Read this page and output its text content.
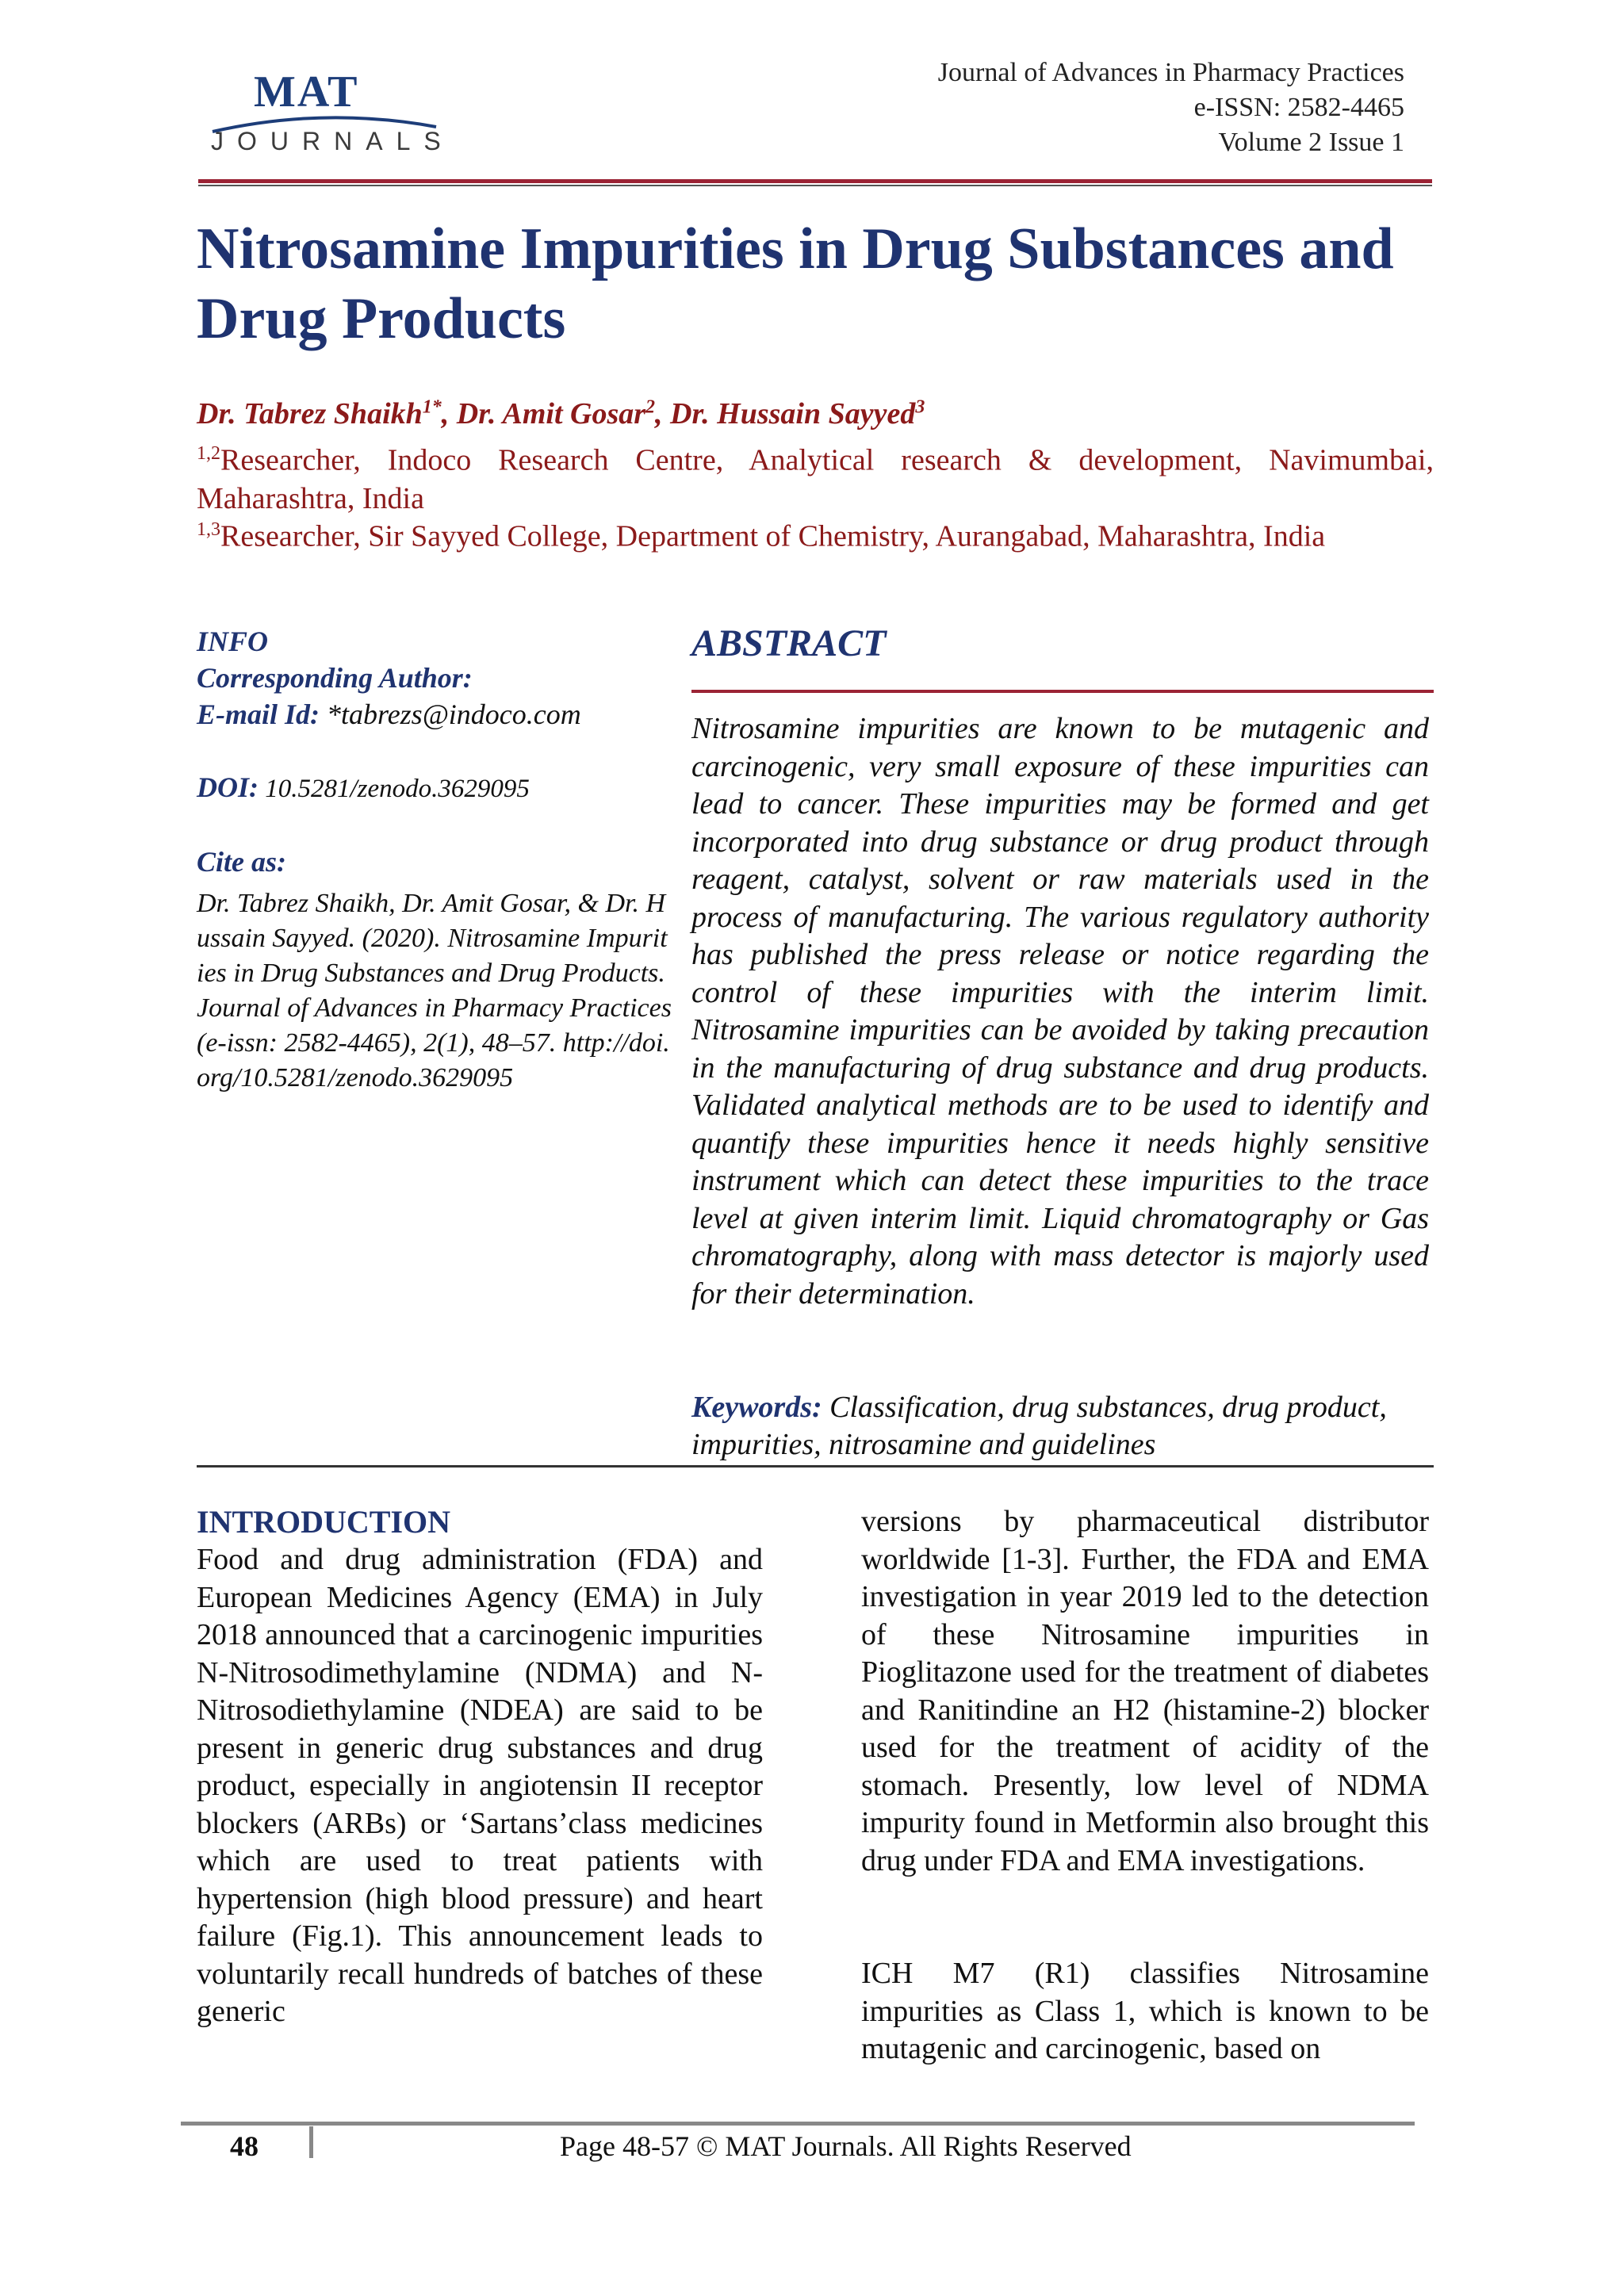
MAT
JOURNALS
Journal of Advances in Pharmacy Practices
e-ISSN: 2582-4465
Volume 2 Issue 1
Nitrosamine Impurities in Drug Substances and Drug Products
Dr. Tabrez Shaikh$^{1*}$, Dr. Amit Gosar$^2$, Dr. Hussain Sayyed$^3$
$^{1,2}$Researcher, Indoco Research Centre, Analytical research & development, Navimumbai, Maharashtra, India
$^{1,3}$Researcher, Sir Sayyed College, Department of Chemistry, Aurangabad, Maharashtra, India
INFO
Corresponding Author:
E-mail Id: *tabrezs@indoco.com
DOI: 10.5281/zenodo.3629095
Cite as:
Dr. Tabrez Shaikh, Dr. Amit Gosar, & Dr. Hussain Sayyed. (2020). Nitrosamine Impurities in Drug Substances and Drug Products. Journal of Advances in Pharmacy Practices (e-issn: 2582-4465), 2(1), 48–57. http://doi.org/10.5281/zenodo.3629095
ABSTRACT
Nitrosamine impurities are known to be mutagenic and carcinogenic, very small exposure of these impurities can lead to cancer. These impurities may be formed and get incorporated into drug substance or drug product through reagent, catalyst, solvent or raw materials used in the process of manufacturing. The various regulatory authority has published the press release or notice regarding the control of these impurities with the interim limit. Nitrosamine impurities can be avoided by taking precaution in the manufacturing of drug substance and drug products. Validated analytical methods are to be used to identify and quantify these impurities hence it needs highly sensitive instrument which can detect these impurities to the trace level at given interim limit. Liquid chromatography or Gas chromatography, along with mass detector is majorly used for their determination.
Keywords: Classification, drug substances, drug product, impurities, nitrosamine and guidelines
INTRODUCTION
Food and drug administration (FDA) and European Medicines Agency (EMA) in July 2018 announced that a carcinogenic impurities N-Nitrosodimethylamine (NDMA) and N-Nitrosodiethylamine (NDEA) are said to be present in generic drug substances and drug product, especially in angiotensin II receptor blockers (ARBs) or ‘Sartans’class medicines which are used to treat patients with hypertension (high blood pressure) and heart failure (Fig.1). This announcement leads to voluntarily recall hundreds of batches of these generic
versions by pharmaceutical distributor worldwide [1-3]. Further, the FDA and EMA investigation in year 2019 led to the detection of these Nitrosamine impurities in Pioglitazone used for the treatment of diabetes and Ranitindine an H2 (histamine-2) blocker used for the treatment of acidity of the stomach. Presently, low level of NDMA impurity found in Metformin also brought this drug under FDA and EMA investigations.
ICH M7 (R1) classifies Nitrosamine impurities as Class 1, which is known to be mutagenic and carcinogenic, based on
48	Page 48-57 © MAT Journals. All Rights Reserved
